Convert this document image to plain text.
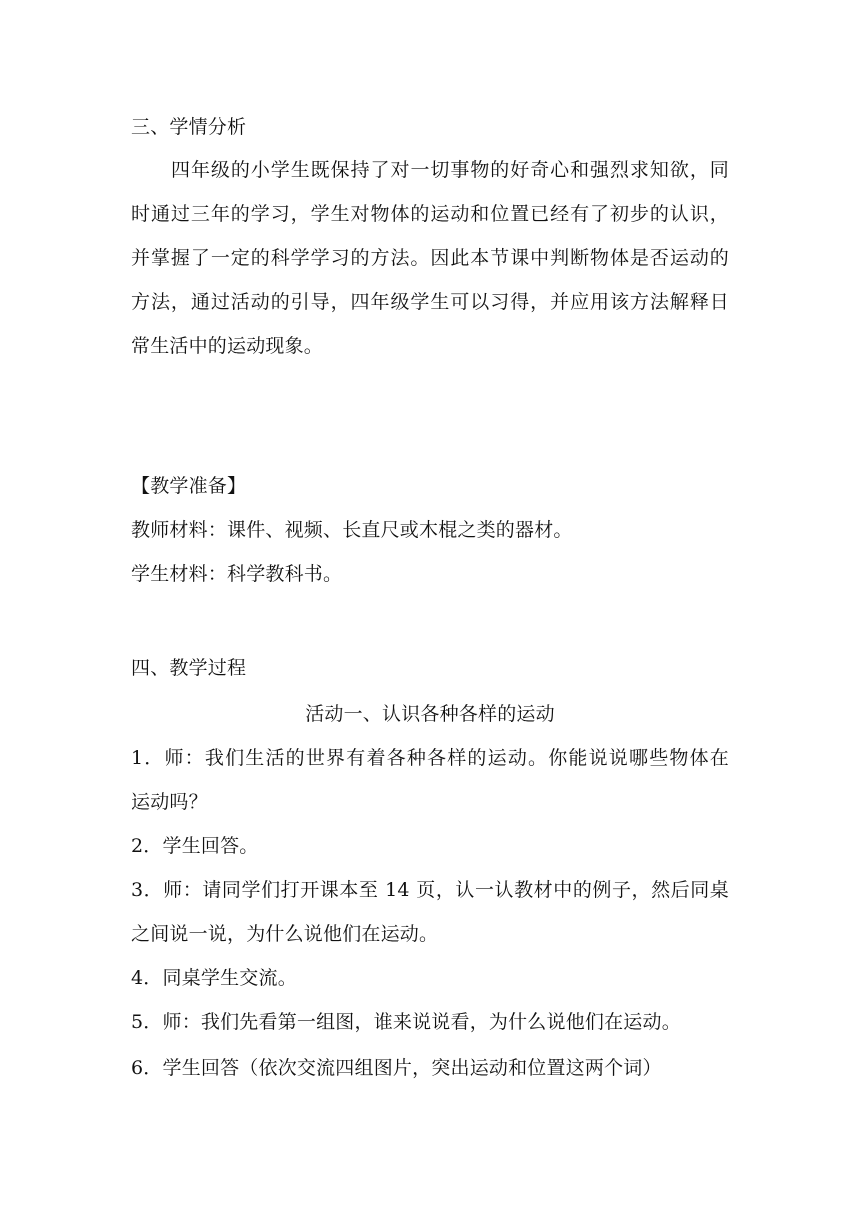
三、学情分析
四年级的小学生既保持了对一切事物的好奇心和强烈求知欲，同
时通过三年的学习，学生对物体的运动和位置已经有了初步的认识，
并掌握了一定的科学学习的方法。因此本节课中判断物体是否运动的
方法，通过活动的引导，四年级学生可以习得，并应用该方法解释日
常生活中的运动现象。
【教学准备】
教师材料：课件、视频、长直尺或木棍之类的器材。
学生材料：科学教科书。
四、教学过程
活动一、认识各种各样的运动
1．师：我们生活的世界有着各种各样的运动。你能说说哪些物体在
运动吗？
2．学生回答。
3．师：请同学们打开课本至 14 页，认一认教材中的例子，然后同桌
之间说一说，为什么说他们在运动。
4．同桌学生交流。
5．师：我们先看第一组图，谁来说说看，为什么说他们在运动。
6．学生回答（依次交流四组图片，突出运动和位置这两个词）
